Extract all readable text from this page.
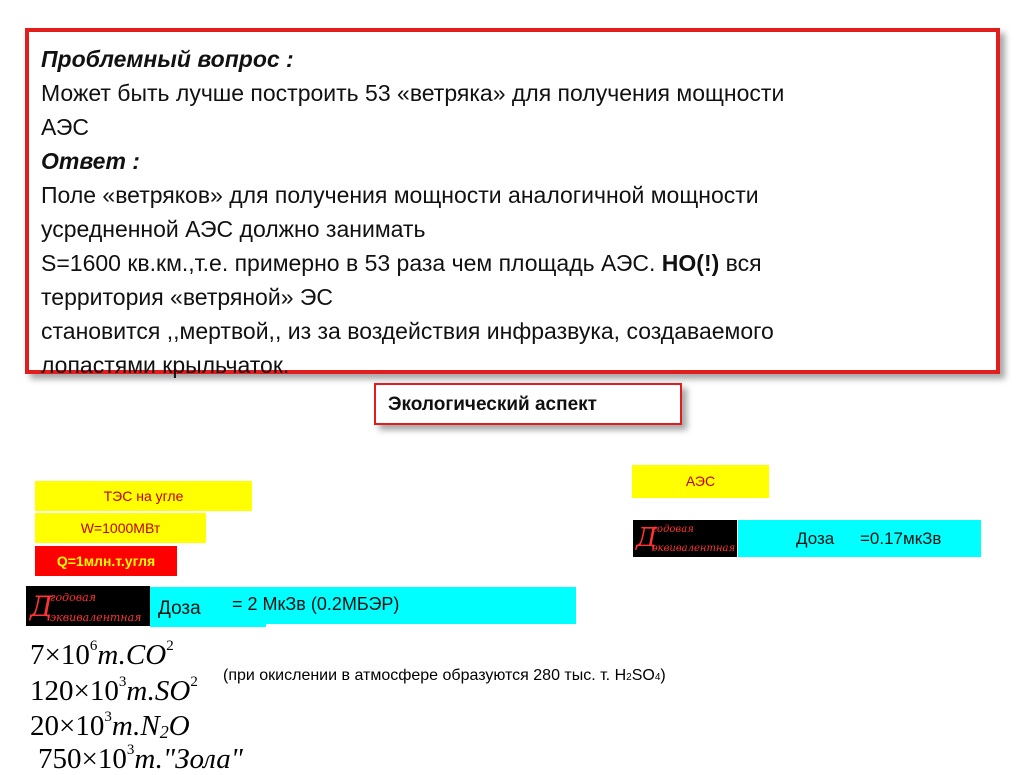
Проблемный вопрос :
Может быть лучше построить 53 «ветряка» для получения мощности
АЭС
Ответ :
Поле «ветряков» для получения мощности аналогичной мощности
усредненной АЭС должно занимать
S=1600 кв.км.,т.е. примерно в 53 раза чем площадь АЭС. НО(!) вся
территория «ветряной» ЭС
становится ,,мертвой,, из за воздействия инфразвука, создаваемого
лопастями крыльчаток.
Экологический аспект
ТЭС на угле
W=1000МВт
Q=1млн.т.угля
АЭС
Д
годовая
эквивалентная
Доза =0.17мкЗв
Д
годовая
эквивалентная Доза = 2 МкЗв (0.2МБЭР)
$7\times 10^6т.CO^2$
$120\times 10^3т.SO^2$ (при окислении в атмосфере образуются 280 тыс. т. H2SO4)
$20\times 10^3т.N2O$
$750\times 10^3т."Зола$"
